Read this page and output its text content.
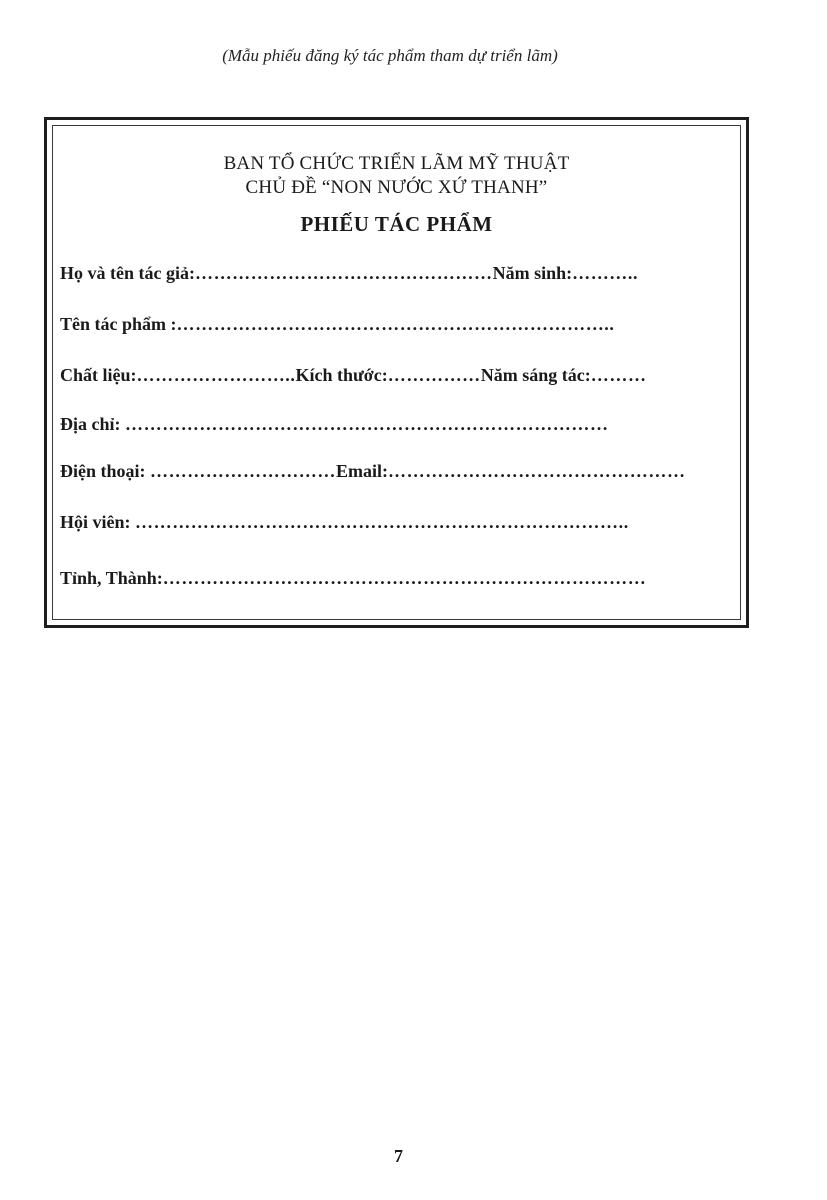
(Mẫu phiếu đăng ký tác phẩm tham dự triển lãm)
BAN TỔ CHỨC TRIỂN LÃM MỸ THUẬT
CHỦ ĐỀ “NON NƯỚC XỨ THANH”
PHIẾU TÁC PHẨM
Họ và tên tác giả:…………………………………………Năm sinh:………..
Tên tác phẩm :……………………………………………………………..
Chất liệu:……………………..Kích thước:……………Năm sáng tác:………
Địa chỉ: ……………………………………………………………………
Điện thoại: …………………………Email:…………………………………………
Hội viên: ……………………………………………………………………..
Tỉnh, Thành:……………………………………………………………………
7
